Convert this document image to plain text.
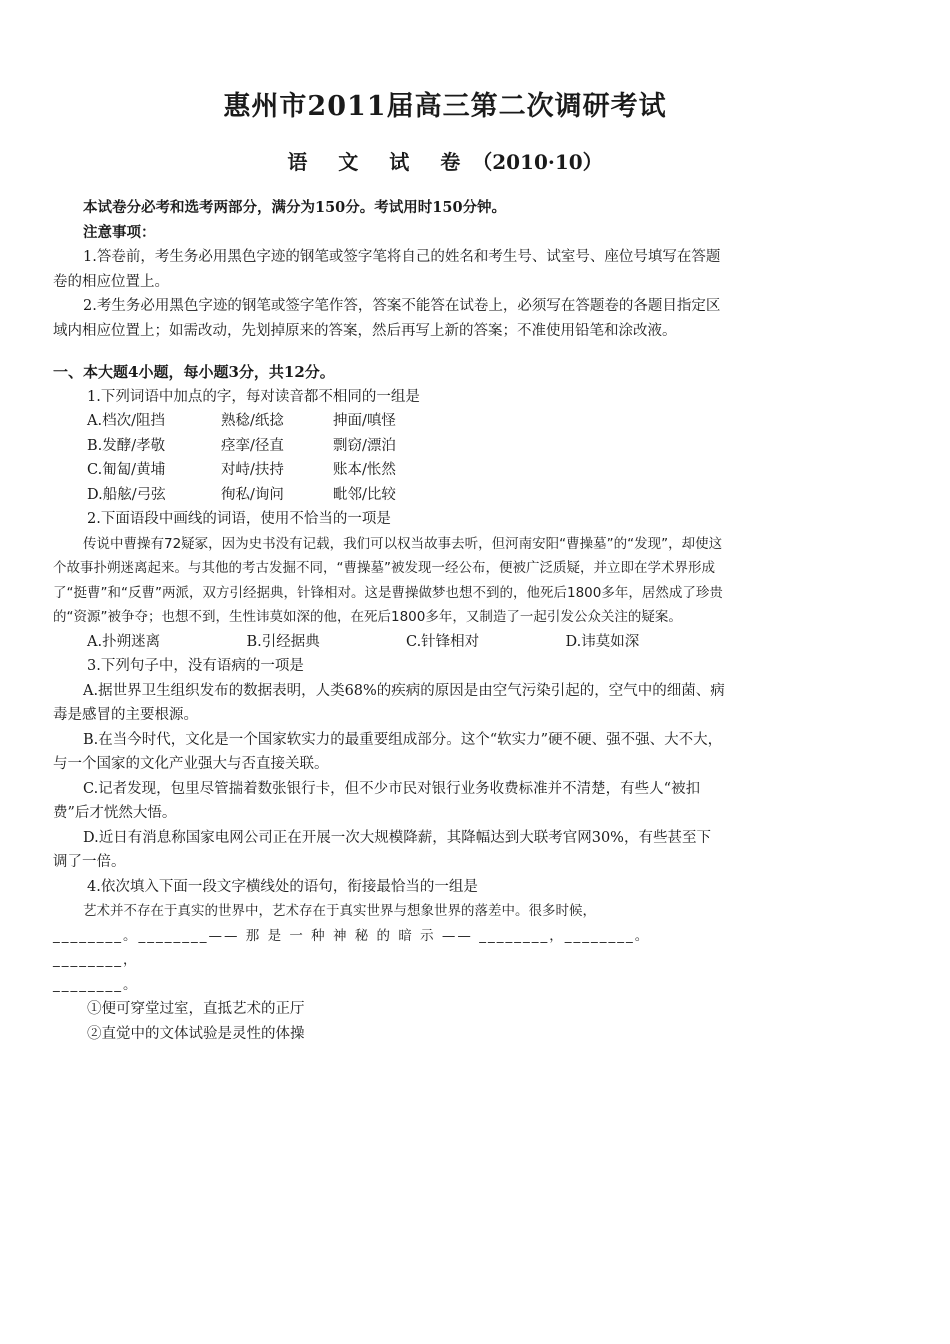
惠州市2011届高三第二次调研考试
语 文 试 卷（2010·10）

本试卷分必考和选考两部分，满分为150分。考试用时150分钟。

注意事项：

1.答卷前，考生务必用黑色字迹的钢笔或签字笔将自己的姓名和考生号、试室号、座位号填写在答题卷的相应位置上。

2.考生务必用黑色字迹的钢笔或签字笔作答，答案不能答在试卷上，必须写在答题卷的各题目指定区域内相应位置上；如需改动，先划掉原来的答案，然后再写上新的答案；不准使用铅笔和涂改液。

一、本大题4小题，每小题3分，共12分。

1.下列词语中加点的字，每对读音都不相同的一组是

A.档次/阻挡	熟稔/纸捻	抻面/嗔怪
B.发酵/孝敬	痉挛/径直	剽窃/漂泊
C.匍匐/黄埔	对峙/扶持	账本/怅然
D.船舷/弓弦	徇私/询问	毗邻/比较

2.下面语段中画线的词语，使用不恰当的一项是

传说中曹操有72疑冢，因为史书没有记载，我们可以权当故事去听，但河南安阳“曹操墓”的“发现”，却使这个故事扑朔迷离起来。与其他的考古发掘不同，“曹操墓”被发现一经公布，便被广泛质疑，并立即在学术界形成了“挺曹”和“反曹”两派，双方引经据典，针锋相对。这是曹操做梦也想不到的，他死后1800多年，居然成了珍贵的“资源”被争夺；也想不到，生性讳莫如深的他，在死后1800多年，又制造了一起引发公众关注的疑案。

A.扑朔迷离	B.引经据典	C.针锋相对	D.讳莫如深

3.下列句子中，没有语病的一项是

A.据世界卫生组织发布的数据表明，人类68%的疾病的原因是由空气污染引起的，空气中的细菌、病毒是感冒的主要根源。

B.在当今时代，文化是一个国家软实力的最重要组成部分。这个“软实力”硬不硬、强不强、大不大，与一个国家的文化产业强大与否直接关联。

C.记者发现，包里尽管揣着数张银行卡，但不少市民对银行业务收费标准并不清楚，有些人“被扣费”后才恍然大悟。

D.近日有消息称国家电网公司正在开展一次大规模降薪，其降幅达到大联考官网30%，有些甚至下调了一倍。

4.依次填入下面一段文字横线处的语句，衔接最恰当的一组是

艺术并不存在于真实的世界中，艺术存在于真实世界与想象世界的落差中。很多时候，

________。________—— 那 是 一 种 神 秘 的 暗 示 —— ________，________。________，

________。

①便可穿堂过室，直抵艺术的正厅

②直觉中的文体试验是灵性的体操
